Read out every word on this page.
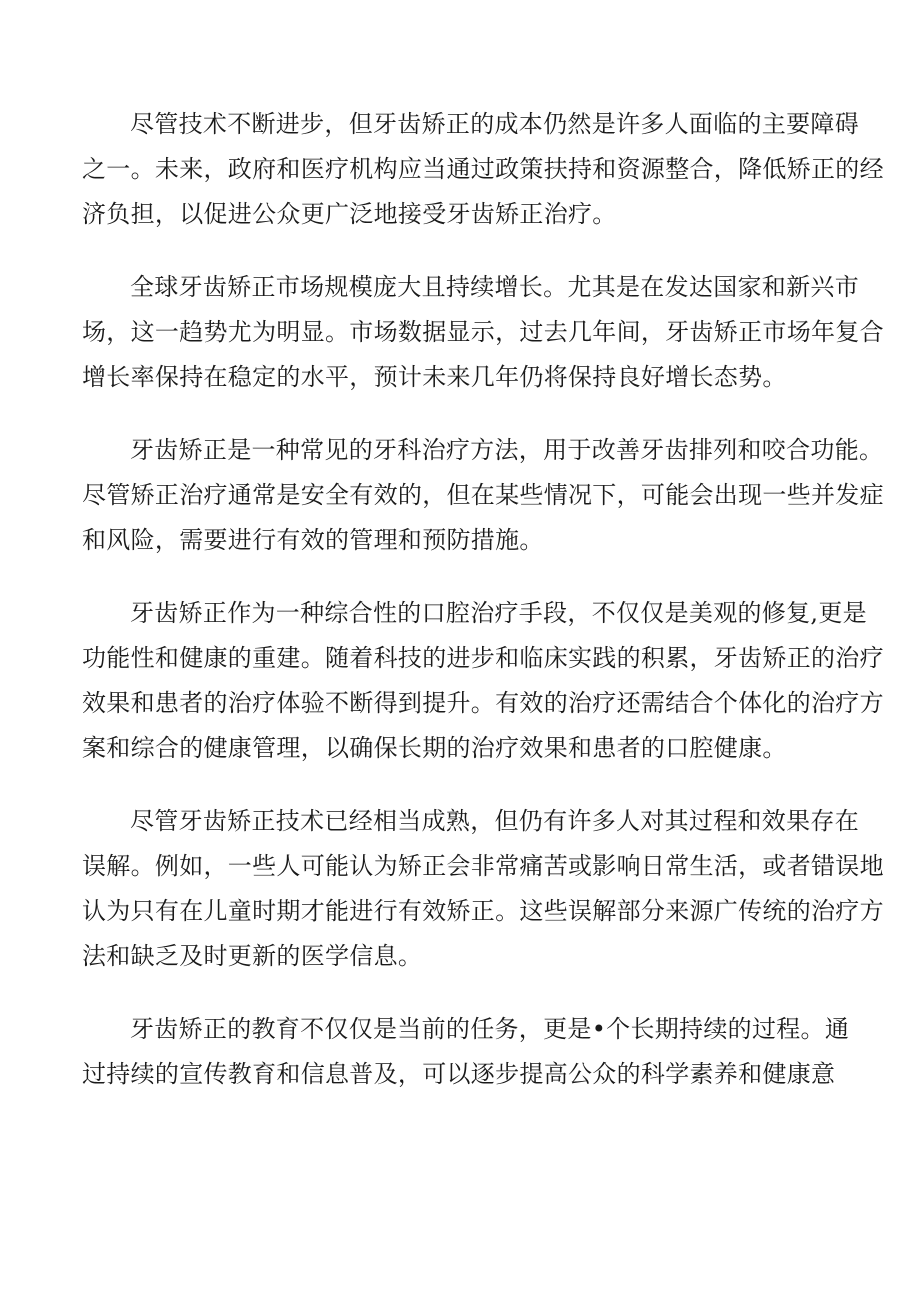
尽管技术不断进步，但牙齿矫正的成本仍然是许多人面临的主要障碍
之一。未来，政府和医疗机构应当通过政策扶持和资源整合，降低矫正的经
济负担，以促进公众更广泛地接受牙齿矫正治疗。
全球牙齿矫正市场规模庞大且持续增长。尤其是在发达国家和新兴市
场，这一趋势尤为明显。市场数据显示，过去几年间，牙齿矫正市场年复合
增长率保持在稳定的水平，预计未来几年仍将保持良好增长态势。
牙齿矫正是一种常见的牙科治疗方法，用于改善牙齿排列和咬合功能。
尽管矫正治疗通常是安全有效的，但在某些情况下，可能会出现一些并发症
和风险，需要进行有效的管理和预防措施。
牙齿矫正作为一种综合性的口腔治疗手段，不仅仅是美观的修复,更是
功能性和健康的重建。随着科技的进步和临床实践的积累，牙齿矫正的治疗
效果和患者的治疗体验不断得到提升。有效的治疗还需结合个体化的治疗方
案和综合的健康管理，以确保长期的治疗效果和患者的口腔健康。
尽管牙齿矫正技术已经相当成熟，但仍有许多人对其过程和效果存在
误解。例如，一些人可能认为矫正会非常痛苦或影响日常生活，或者错误地
认为只有在儿童时期才能进行有效矫正。这些误解部分来源广传统的治疗方
法和缺乏及时更新的医学信息。
牙齿矫正的教育不仅仅是当前的任务，更是•个长期持续的过程。通
过持续的宣传教育和信息普及，可以逐步提高公众的科学素养和健康意
